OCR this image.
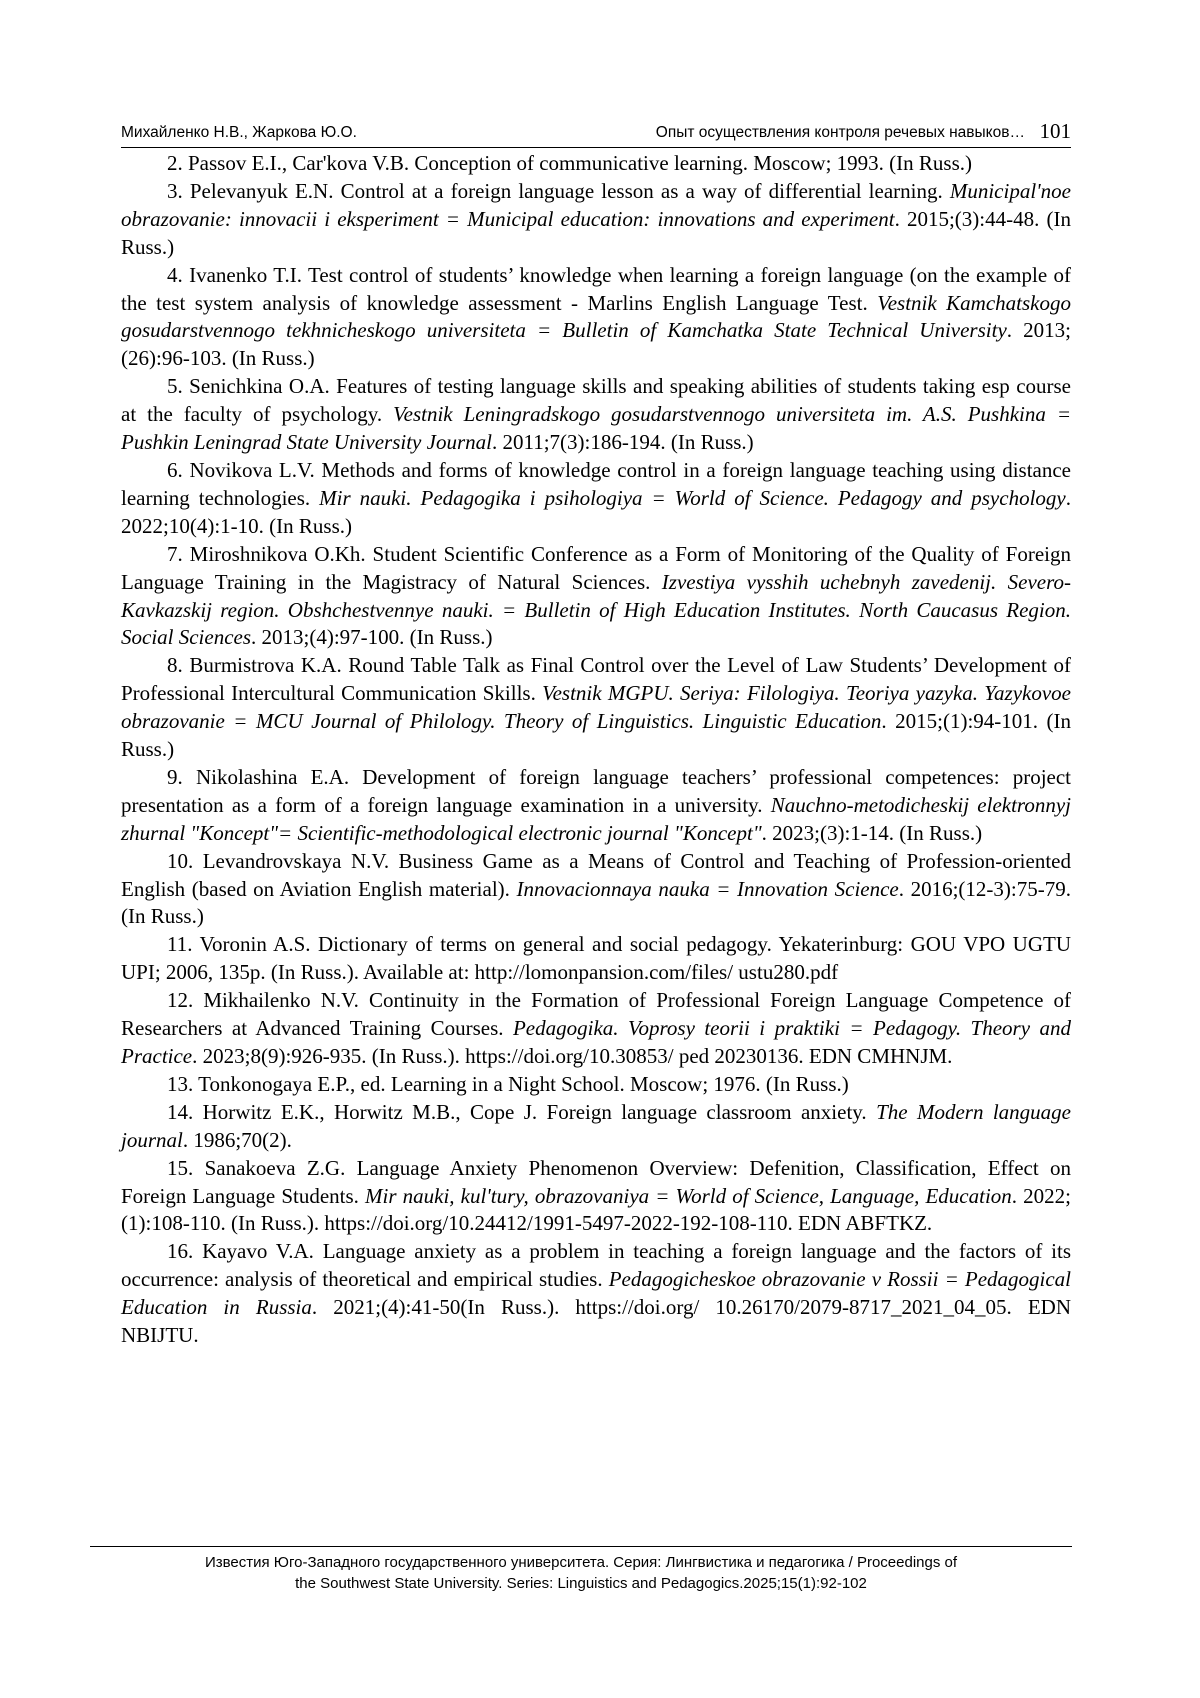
Михайленко Н.В., Жаркова Ю.О.	Опыт осуществления контроля речевых навыков… 101

2. Passov E.I., Car'kova V.B. Conception of communicative learning. Moscow; 1993. (In Russ.)

3. Pelevanyuk E.N. Control at a foreign language lesson as a way of differential learning. Municipal'noe obrazovanie: innovacii i eksperiment = Municipal education: innovations and experiment. 2015;(3):44-48. (In Russ.)

4. Ivanenko T.I. Test control of students’ knowledge when learning a foreign language (on the example of the test system analysis of knowledge assessment - Marlins English Language Test. Vestnik Kamchatskogo gosudarstvennogo tekhnicheskogo universiteta = Bulletin of Kamchatka State Technical University. 2013;(26):96-103. (In Russ.)

5. Senichkina O.A. Features of testing language skills and speaking abilities of students taking esp course at the faculty of psychology. Vestnik Leningradskogo gosudarstvennogo universiteta im. A.S. Pushkina = Pushkin Leningrad State University Journal. 2011;7(3):186-194. (In Russ.)

6. Novikova L.V. Methods and forms of knowledge control in a foreign language teaching using distance learning technologies. Mir nauki. Pedagogika i psihologiya = World of Science. Pedagogy and psychology. 2022;10(4):1-10. (In Russ.)

7. Miroshnikova O.Kh. Student Scientific Conference as a Form of Monitoring of the Quality of Foreign Language Training in the Magistracy of Natural Sciences. Izvestiya vysshih uchebnyh zavedenij. Severo-Kavkazskij region. Obshchestvennye nauki. = Bulletin of High Education Institutes. North Caucasus Region. Social Sciences. 2013;(4):97-100. (In Russ.)

8. Burmistrova K.A. Round Table Talk as Final Control over the Level of Law Students’ Development of Professional Intercultural Communication Skills. Vestnik MGPU. Seriya: Filologiya. Teoriya yazyka. Yazykovoe obrazovanie = MCU Journal of Philology. Theory of Linguistics. Linguistic Education. 2015;(1):94-101. (In Russ.)

9. Nikolashina E.A. Development of foreign language teachers’ professional competences: project presentation as a form of a foreign language examination in a university. Nauchno-metodicheskij elektronnyj zhurnal "Koncept"= Scientific-methodological electronic journal "Koncept". 2023;(3):1-14. (In Russ.)

10. Levandrovskaya N.V. Business Game as a Means of Control and Teaching of Profession-oriented English (based on Aviation English material). Innovacionnaya nauka = Innovation Science. 2016;(12-3):75-79. (In Russ.)

11. Voronin A.S. Dictionary of terms on general and social pedagogy. Yekaterinburg: GOU VPO UGTU UPI; 2006, 135p. (In Russ.). Available at: http://lomonpansion.com/files/ ustu280.pdf

12. Mikhailenko N.V. Continuity in the Formation of Professional Foreign Language Competence of Researchers at Advanced Training Courses. Pedagogika. Voprosy teorii i praktiki = Pedagogy. Theory and Practice. 2023;8(9):926-935. (In Russ.). https://doi.org/10.30853/ ped 20230136. EDN CMHNJM.

13. Tonkonogaya E.P., ed. Learning in a Night School. Moscow; 1976. (In Russ.)

14. Horwitz E.K., Horwitz M.B., Cope J. Foreign language classroom anxiety. The Modern language journal. 1986;70(2).

15. Sanakoeva Z.G. Language Anxiety Phenomenon Overview: Defenition, Classification, Effect on Foreign Language Students. Mir nauki, kul'tury, obrazovaniya = World of Science, Language, Education. 2022;(1):108-110. (In Russ.). https://doi.org/10.24412/1991-5497-2022-192-108-110. EDN ABFTKZ.

16. Kayavo V.A. Language anxiety as a problem in teaching a foreign language and the factors of its occurrence: analysis of theoretical and empirical studies. Pedagogicheskoe obrazovanie v Rossii = Pedagogical Education in Russia. 2021;(4):41-50(In Russ.). https://doi.org/ 10.26170/2079-8717_2021_04_05. EDN NBIJTU.

Известия Юго-Западного государственного университета. Серия: Лингвистика и педагогика / Proceedings of
the Southwest State University. Series: Linguistics and Pedagogics.2025;15(1):92-102
